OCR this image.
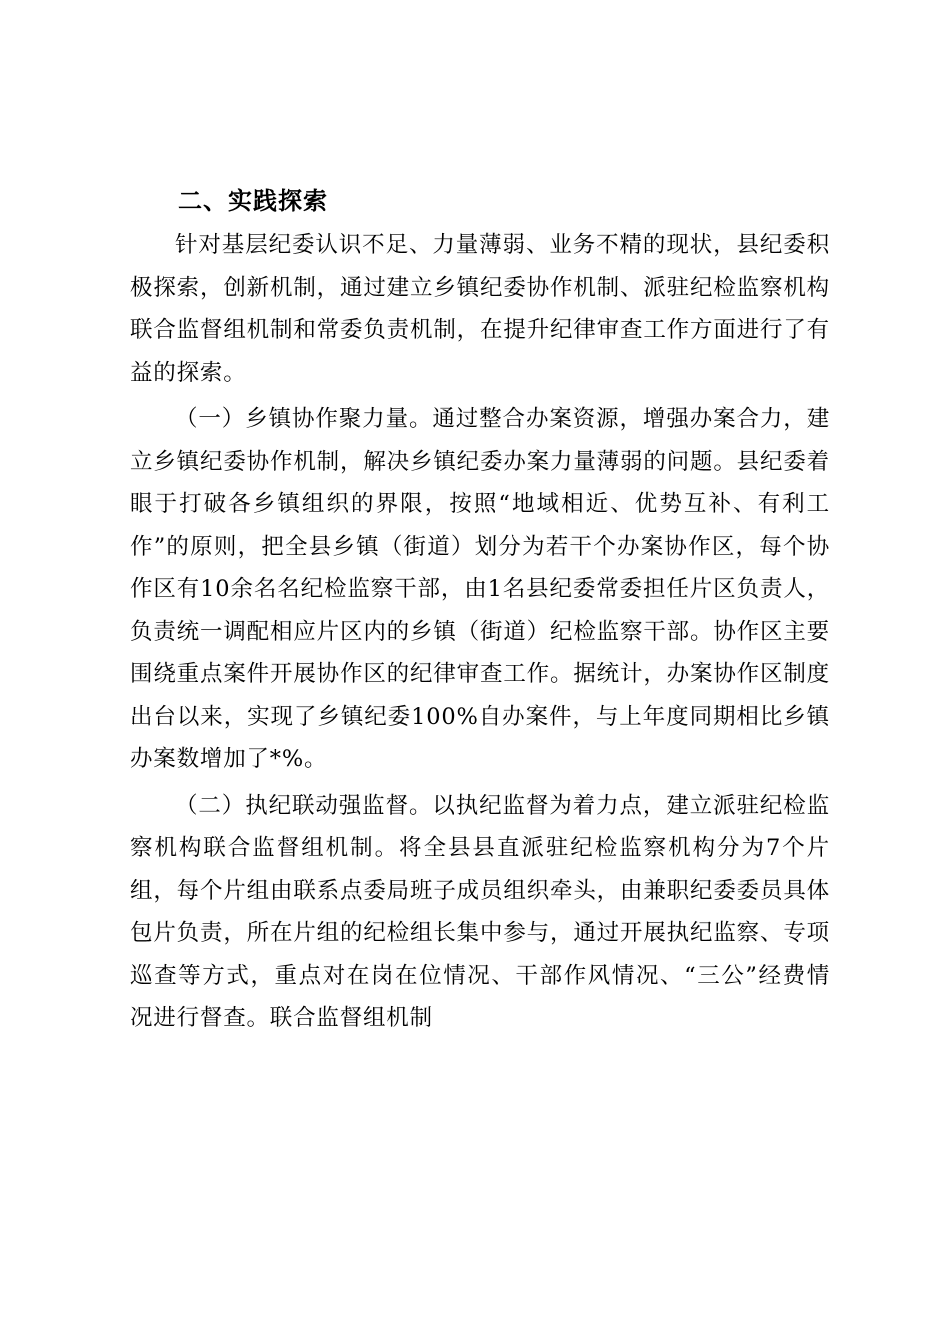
二、实践探索

针对基层纪委认识不足、力量薄弱、业务不精的现状，县纪委积极探索，创新机制，通过建立乡镇纪委协作机制、派驻纪检监察机构联合监督组机制和常委负责机制，在提升纪律审查工作方面进行了有益的探索。

（一）乡镇协作聚力量。通过整合办案资源，增强办案合力，建立乡镇纪委协作机制，解决乡镇纪委办案力量薄弱的问题。县纪委着眼于打破各乡镇组织的界限，按照“地域相近、优势互补、有利工作”的原则，把全县乡镇（街道）划分为若干个办案协作区，每个协作区有10余名名纪检监察干部，由1名县纪委常委担任片区负责人，负责统一调配相应片区内的乡镇（街道）纪检监察干部。协作区主要围绕重点案件开展协作区的纪律审查工作。据统计，办案协作区制度出台以来，实现了乡镇纪委100%自办案件，与上年度同期相比乡镇办案数增加了*%。

（二）执纪联动强监督。以执纪监督为着力点，建立派驻纪检监察机构联合监督组机制。将全县县直派驻纪检监察机构分为7个片组，每个片组由联系点委局班子成员组织牵头，由兼职纪委委员具体包片负责，所在片组的纪检组长集中参与，通过开展执纪监察、专项巡查等方式，重点对在岗在位情况、干部作风情况、“三公”经费情况进行督查。联合监督组机制
